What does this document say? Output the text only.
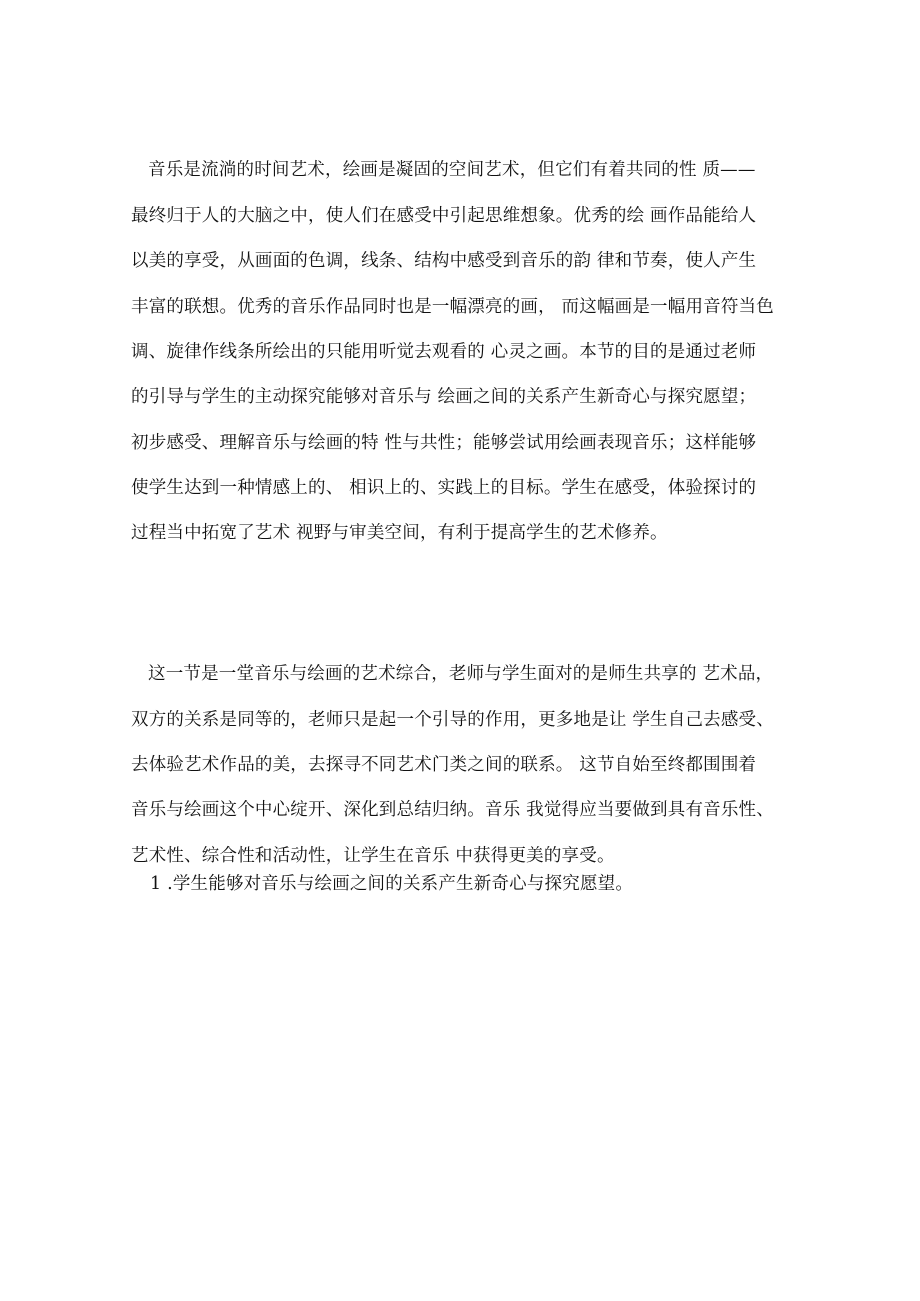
音乐是流淌的时间艺术，绘画是凝固的空间艺术，但它们有着共同的性 质——

最终归于人的大脑之中，使人们在感受中引起思维想象。优秀的绘 画作品能给人

以美的享受，从画面的色调，线条、结构中感受到音乐的韵 律和节奏，使人产生

丰富的联想。优秀的音乐作品同时也是一幅漂亮的画， 而这幅画是一幅用音符当色

调、旋律作线条所绘出的只能用听觉去观看的 心灵之画。本节的目的是通过老师

的引导与学生的主动探究能够对音乐与 绘画之间的关系产生新奇心与探究愿望；

初步感受、理解音乐与绘画的特 性与共性；能够尝试用绘画表现音乐；这样能够

使学生达到一种情感上的、 相识上的、实践上的目标。学生在感受，体验探讨的

过程当中拓宽了艺术 视野与审美空间，有利于提高学生的艺术修养。

这一节是一堂音乐与绘画的艺术综合，老师与学生面对的是师生共享的 艺术品，

双方的关系是同等的，老师只是起一个引导的作用，更多地是让 学生自己去感受、

去体验艺术作品的美，去探寻不同艺术门类之间的联系。 这节自始至终都围围着

音乐与绘画这个中心绽开、深化到总结归纳。音乐 我觉得应当要做到具有音乐性、

艺术性、综合性和活动性，让学生在音乐 中获得更美的享受。

1 .学生能够对音乐与绘画之间的关系产生新奇心与探究愿望。
